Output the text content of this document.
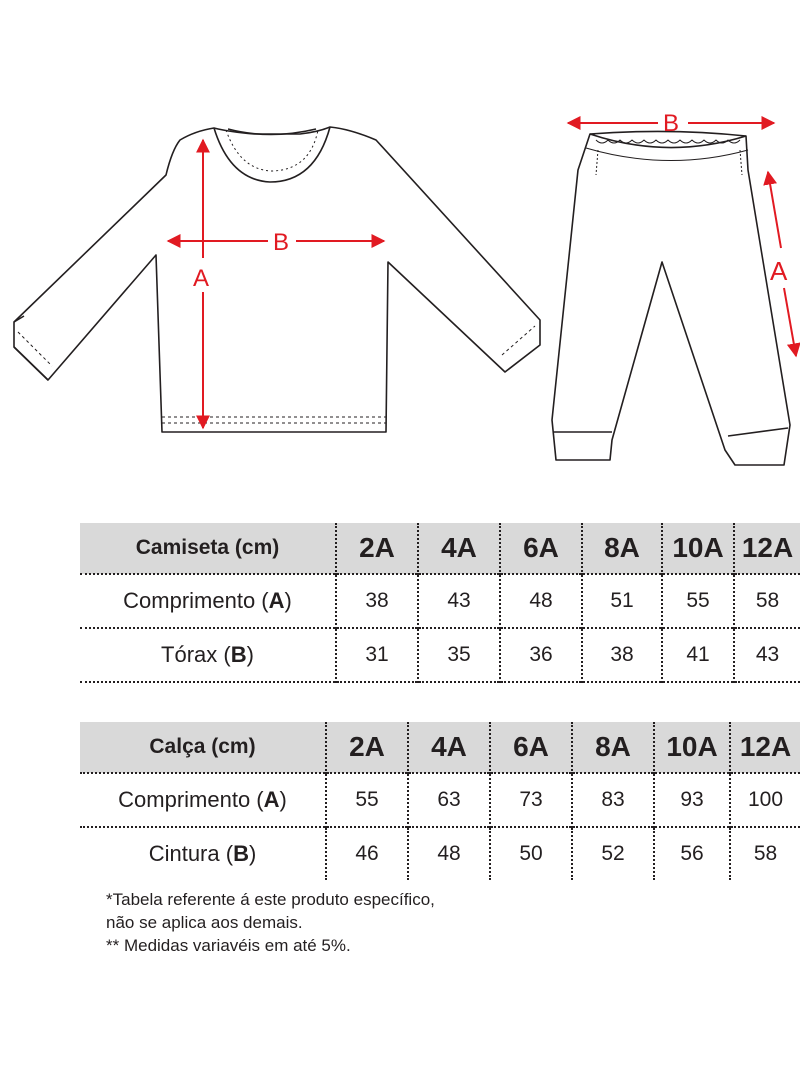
A
B
B
A
Camiseta (cm)	2A	4A	6A	8A	10A	12A
Comprimento (A)	38	43	48	51	55	58
Tórax (B)	31	35	36	38	41	43
Calça (cm)	2A	4A	6A	8A	10A	12A
Comprimento (A)	55	63	73	83	93	100
Cintura (B)	46	48	50	52	56	58

*Tabela referente á este produto específico,

não se aplica aos demais.

** Medidas variavéis em até 5%.
